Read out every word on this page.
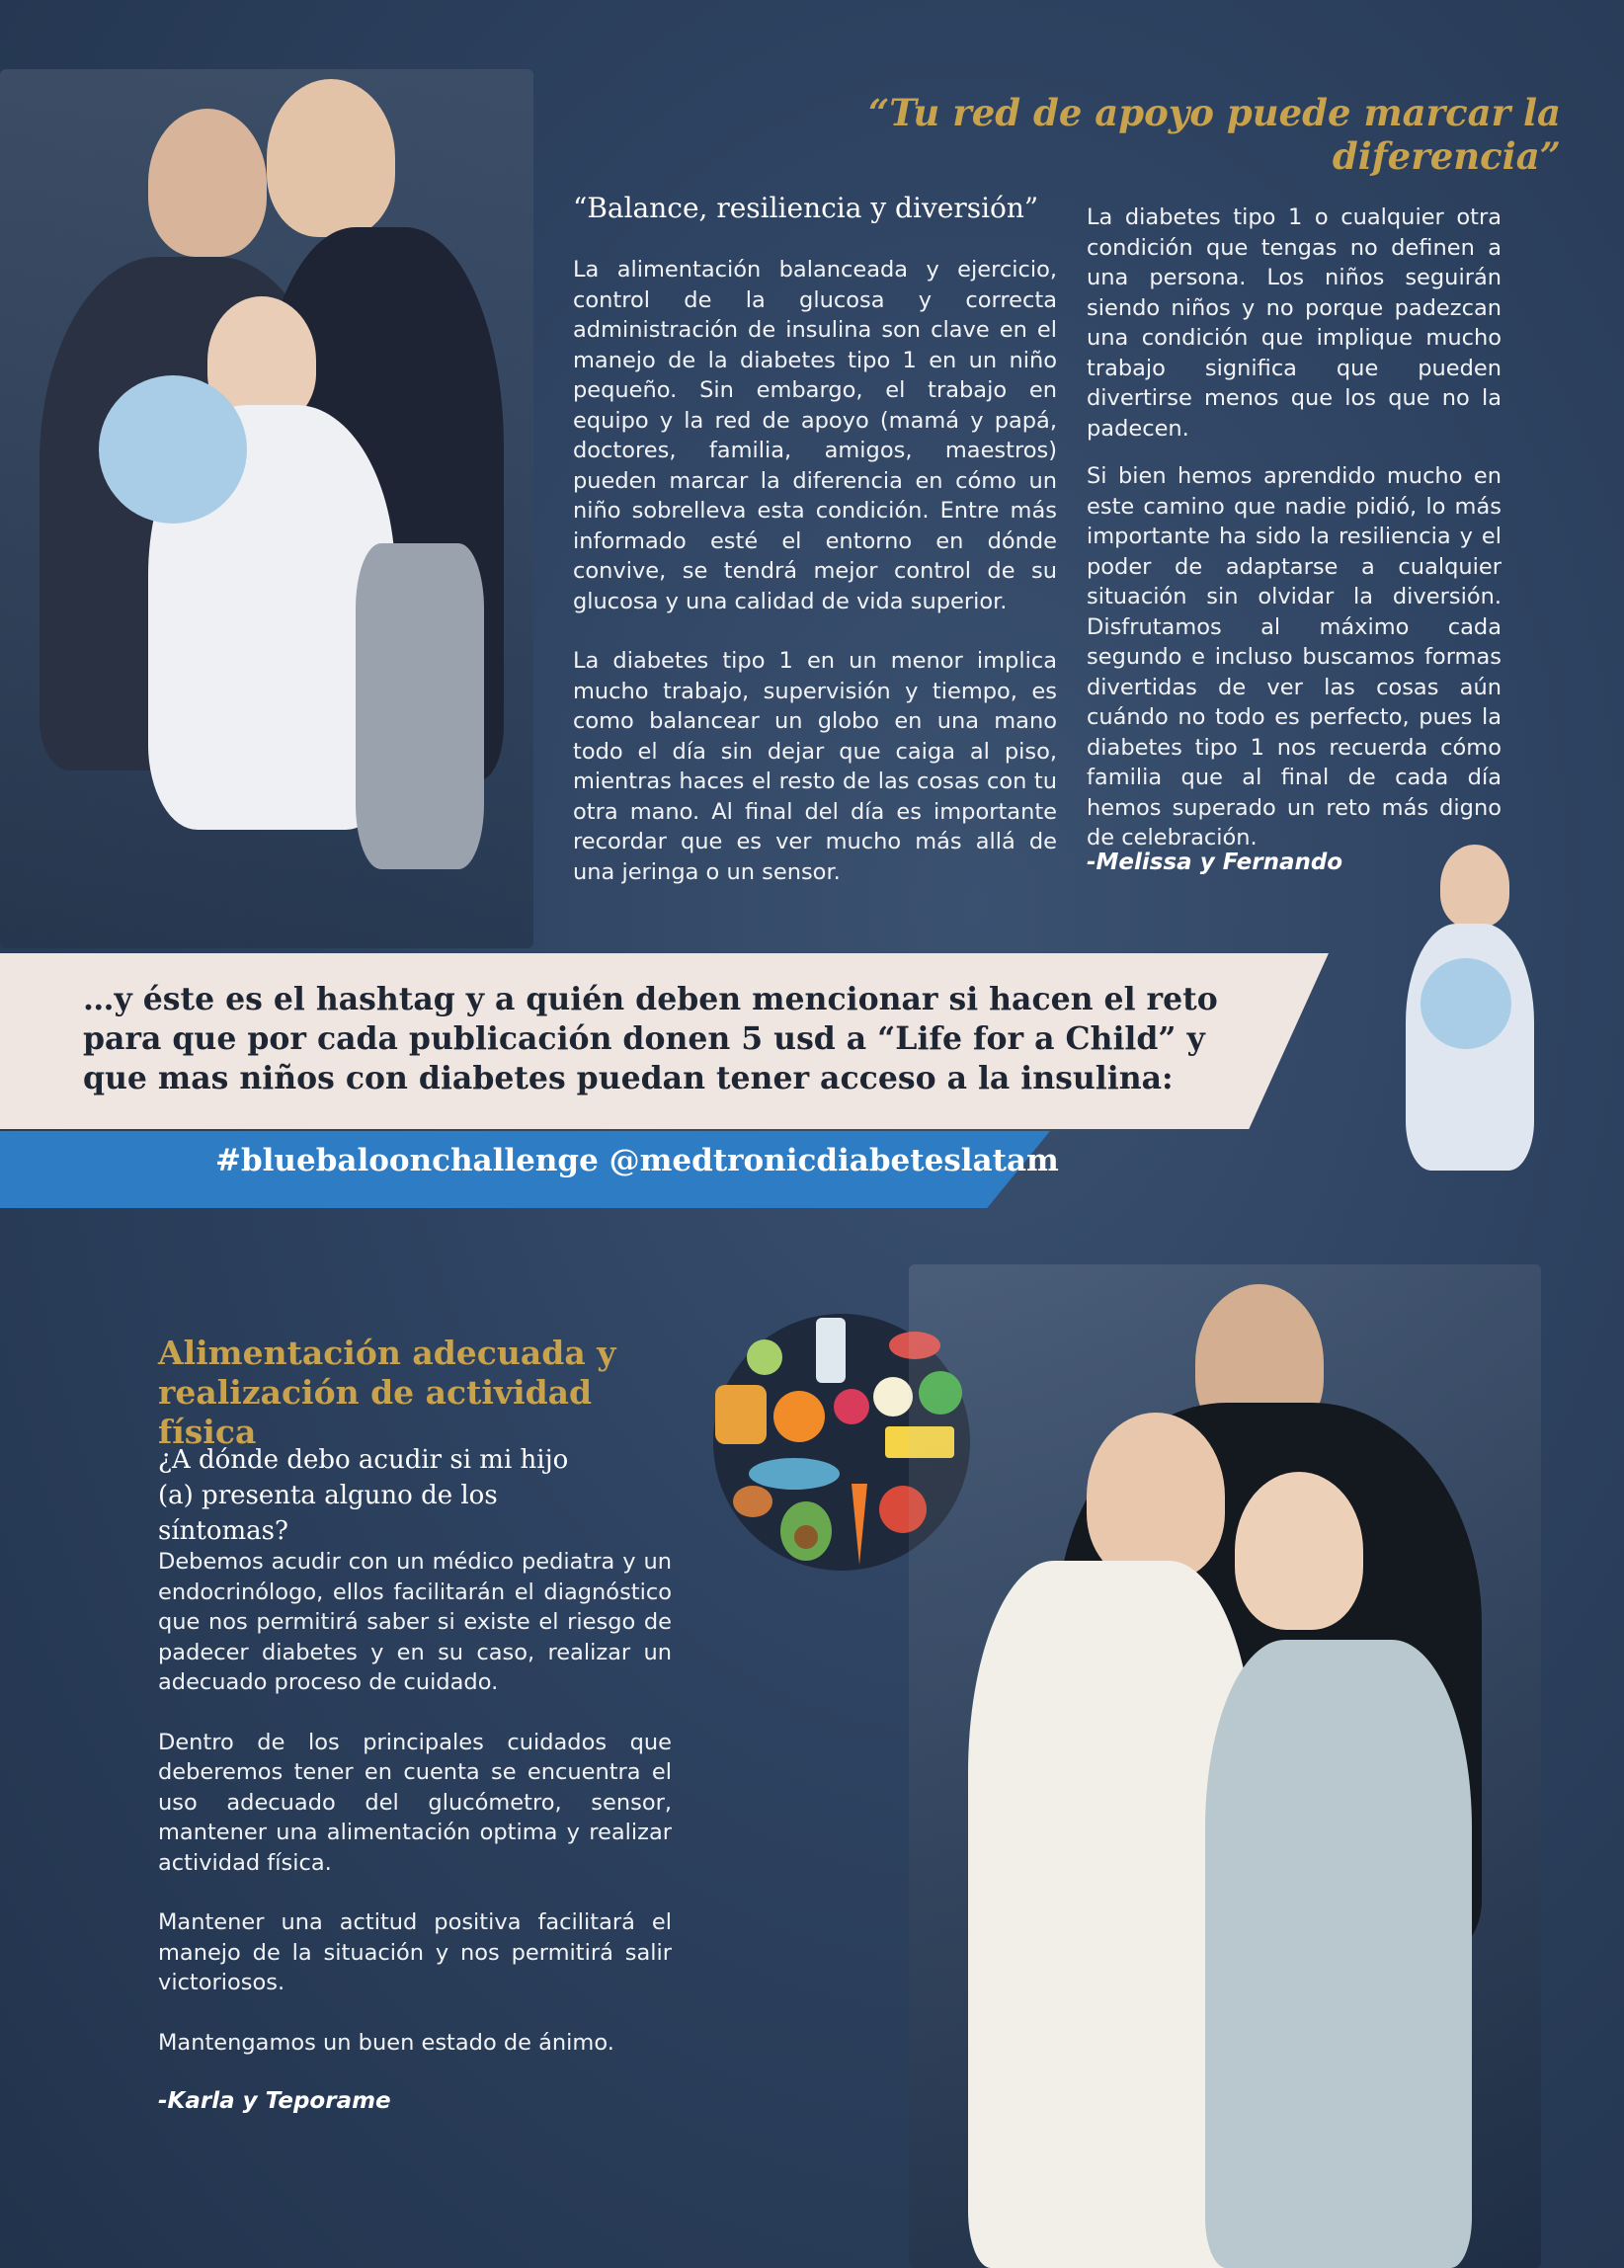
“Tu red de apoyo puede marcar la diferencia”
“Balance, resiliencia y diversión”

La alimentación balanceada y ejercicio, control de la glucosa y correcta administración de insulina son clave en el manejo de la diabetes tipo 1 en un niño pequeño. Sin embargo, el trabajo en equipo y la red de apoyo (mamá y papá, doctores, familia, amigos, maestros) pueden marcar la diferencia en cómo un niño sobrelleva esta condición. Entre más informado esté el entorno en dónde convive, se tendrá mejor control de su glucosa y una calidad de vida superior.

La diabetes tipo 1 en un menor implica mucho trabajo, supervisión y tiempo, es como balancear un globo en una mano todo el día sin dejar que caiga al piso, mientras haces el resto de las cosas con tu otra mano. Al final del día es importante recordar que es ver mucho más allá de una jeringa o un sensor.

La diabetes tipo 1 o cualquier otra condición que tengas no definen a una persona. Los niños seguirán siendo niños y no porque padezcan una condición que implique mucho trabajo significa que pueden divertirse menos que los que no la padecen.

Si bien hemos aprendido mucho en este camino que nadie pidió, lo más importante ha sido la resiliencia y el poder de adaptarse a cualquier situación sin olvidar la diversión. Disfrutamos al máximo cada segundo e incluso buscamos formas divertidas de ver las cosas aún cuándo no todo es perfecto, pues la diabetes tipo 1 nos recuerda cómo familia que al final de cada día hemos superado un reto más digno de celebración.

-Melissa y Fernando
…y éste es el hashtag y a quién deben mencionar si hacen el reto para que por cada publicación donen 5 usd a “Life for a Child” y que mas niños con diabetes puedan tener acceso a la insulina:
#bluebaloonchallenge @medtronicdiabeteslatam
Alimentación adecuada y realización de actividad física
¿A dónde debo acudir si mi hijo (a) presenta alguno de los síntomas?

Debemos acudir con un médico pediatra y un endocrinólogo, ellos facilitarán el diagnóstico que nos permitirá saber si existe el riesgo de padecer diabetes y en su caso, realizar un adecuado proceso de cuidado.

Dentro de los principales cuidados que deberemos tener en cuenta se encuentra el uso adecuado del glucómetro, sensor, mantener una alimentación optima y realizar actividad física.

Mantener una actitud positiva facilitará el manejo de la situación y nos permitirá salir victoriosos.

Mantengamos un buen estado de ánimo.

-Karla y Teporame
